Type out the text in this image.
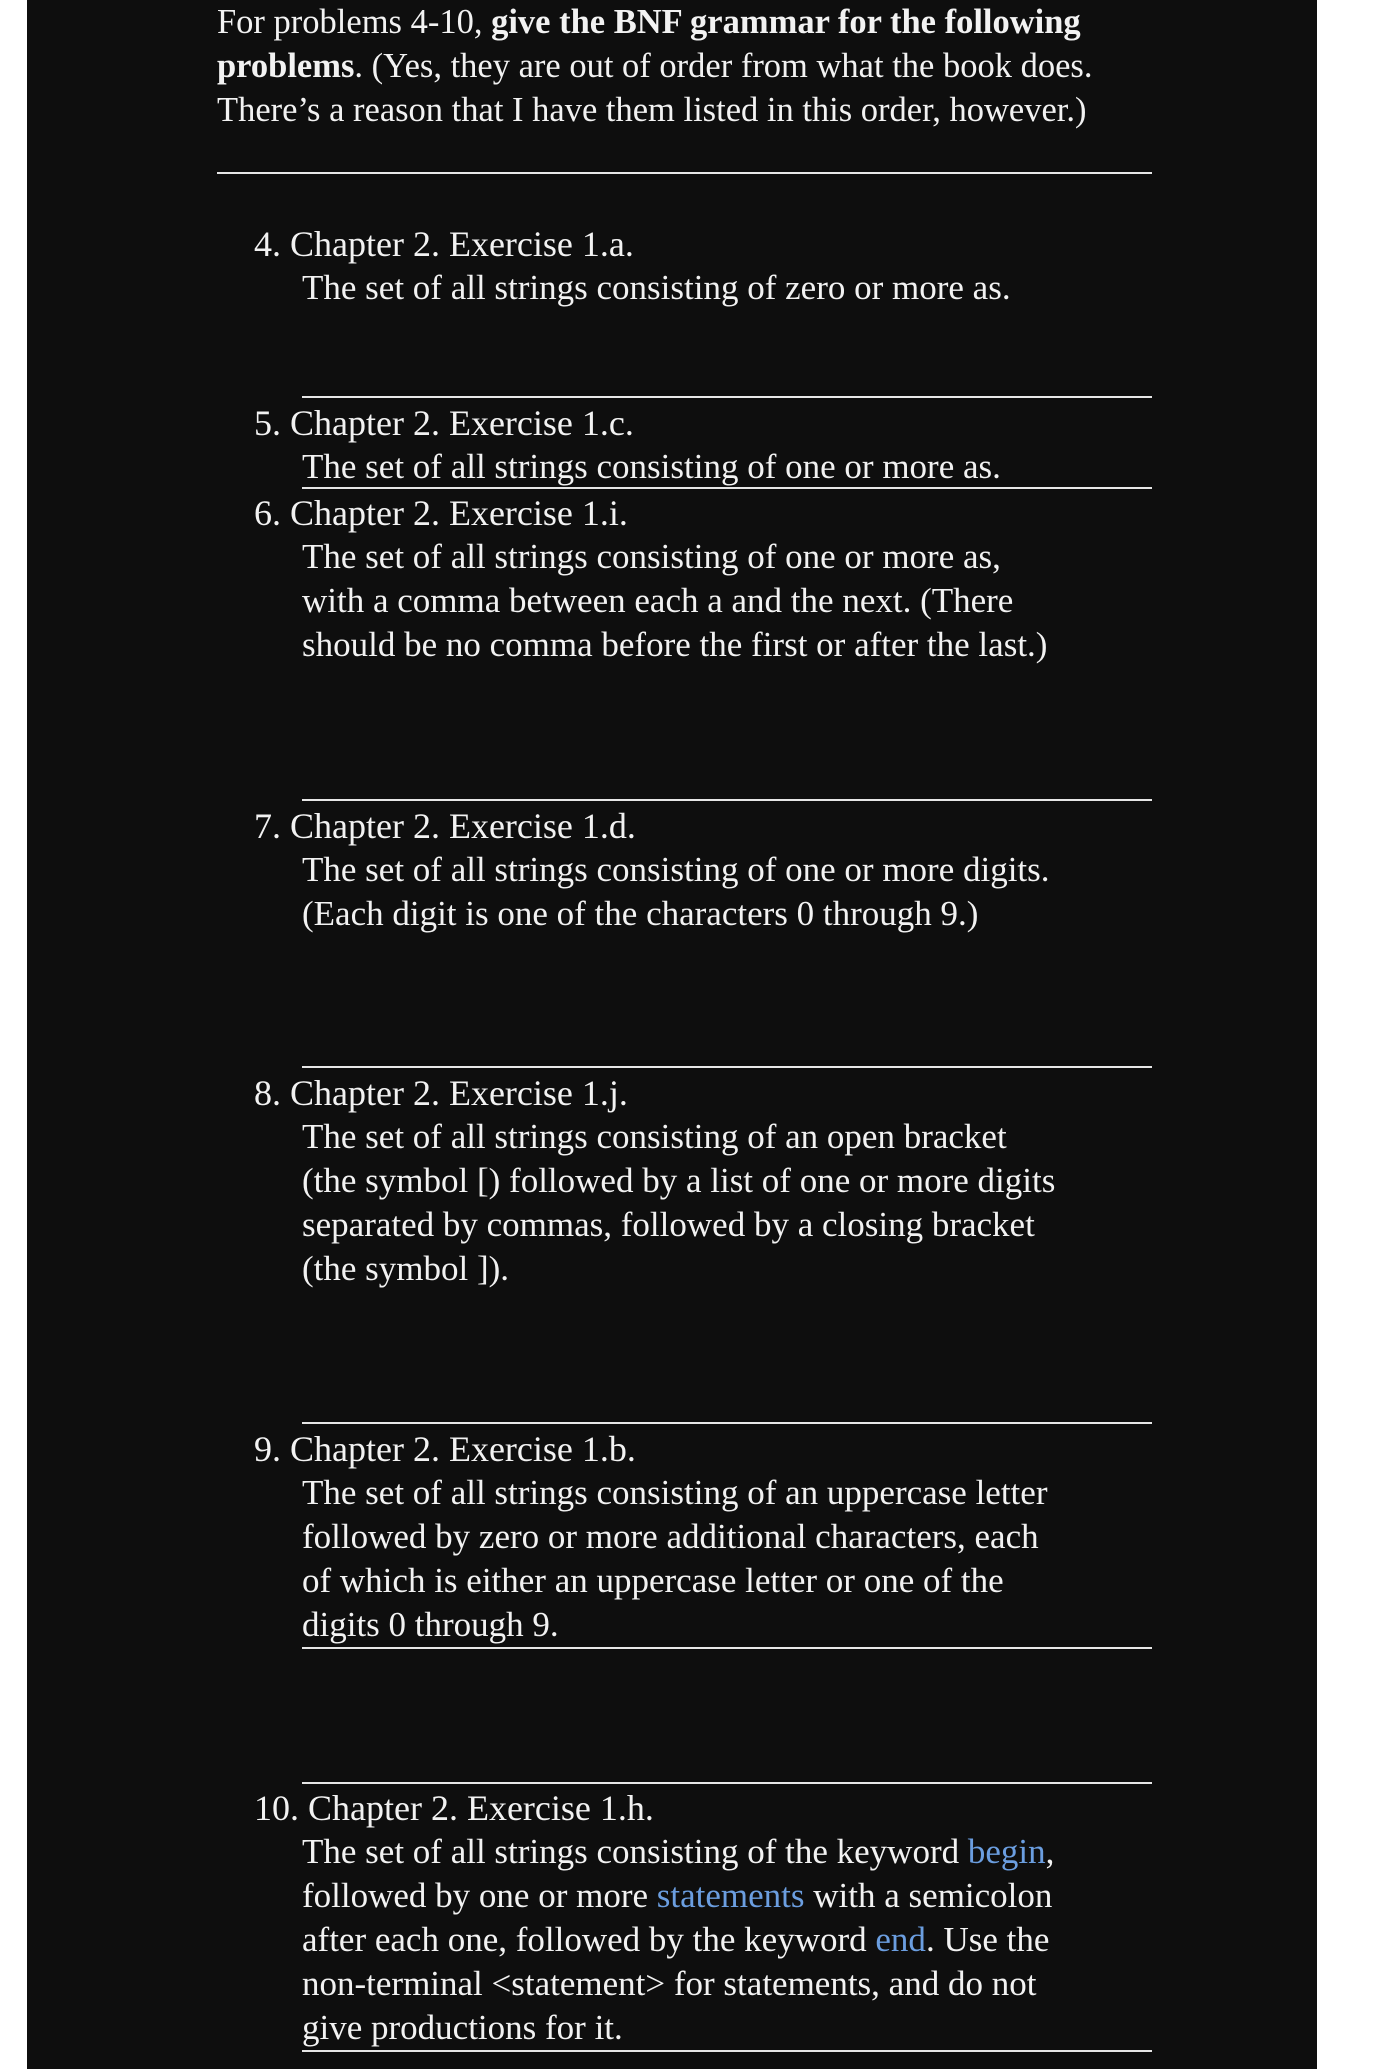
For problems 4-10, give the BNF grammar for the following problems. (Yes, they are out of order from what the book does. There’s a reason that I have them listed in this order, however.)
4. Chapter 2. Exercise 1.a.
The set of all strings consisting of zero or more as.
5. Chapter 2. Exercise 1.c.
The set of all strings consisting of one or more as.
6. Chapter 2. Exercise 1.i.
The set of all strings consisting of one or more as,
with a comma between each a and the next. (There
should be no comma before the first or after the last.)
7. Chapter 2. Exercise 1.d.
The set of all strings consisting of one or more digits.
(Each digit is one of the characters 0 through 9.)
8. Chapter 2. Exercise 1.j.
The set of all strings consisting of an open bracket
(the symbol [) followed by a list of one or more digits
separated by commas, followed by a closing bracket
(the symbol ]).
9. Chapter 2. Exercise 1.b.
The set of all strings consisting of an uppercase letter
followed by zero or more additional characters, each
of which is either an uppercase letter or one of the
digits 0 through 9.
10. Chapter 2. Exercise 1.h.
The set of all strings consisting of the keyword begin,
followed by one or more statements with a semicolon
after each one, followed by the keyword end. Use the
non-terminal <statement> for statements, and do not
give productions for it.
